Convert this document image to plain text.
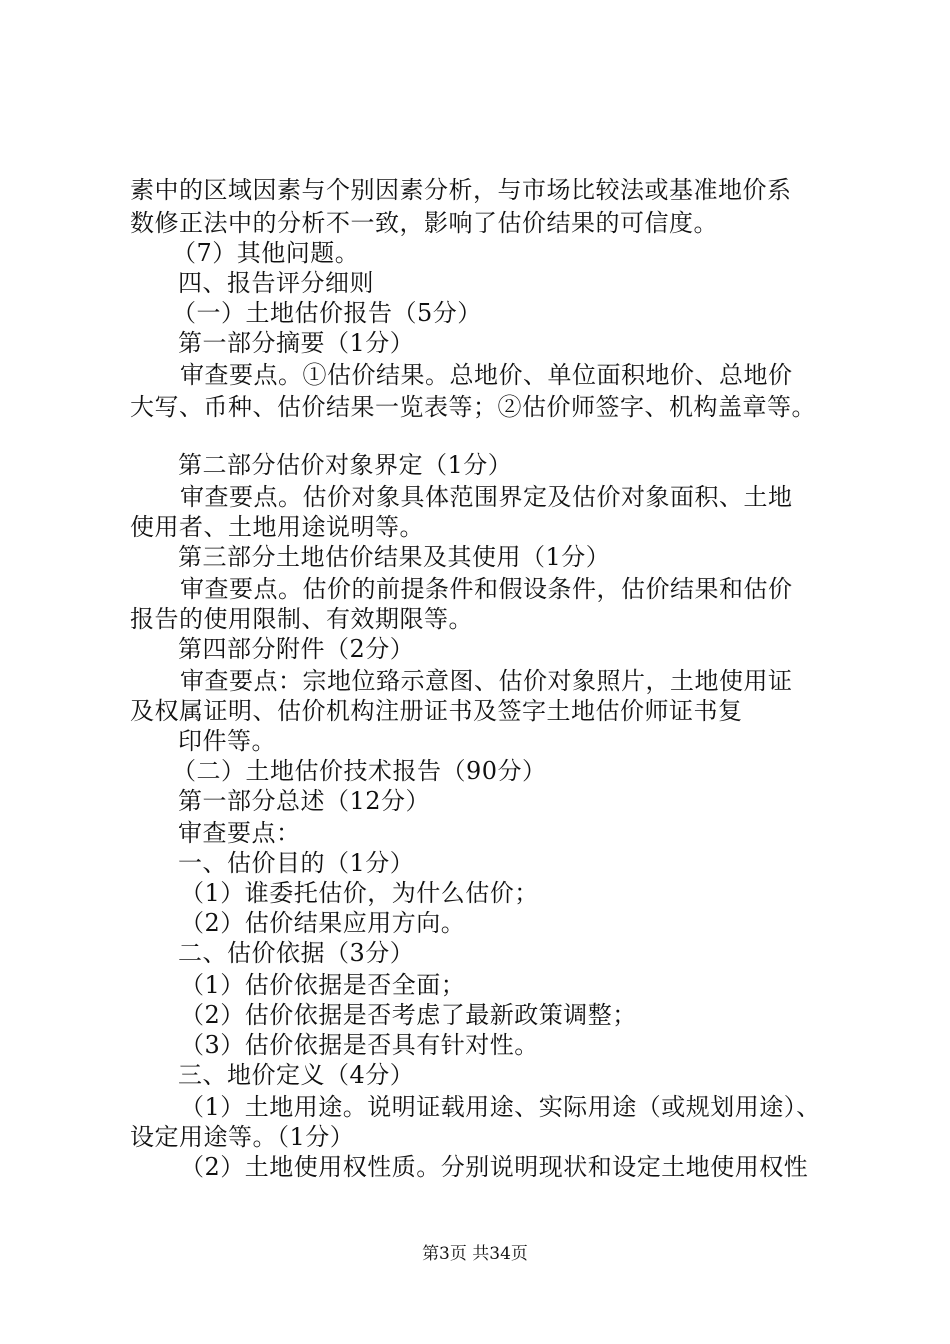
素中的区域因素与个别因素分析，与市场比较法或基准地价系
数修正法中的分析不一致，影响了估价结果的可信度。
（7）其他问题。
四、报告评分细则
（一）土地估价报告（5分）
第一部分摘要（1分）
审查要点。①估价结果。总地价、单位面积地价、总地价
大写、币种、估价结果一览表等；②估价师签字、机构盖章等。
第二部分估价对象界定（1分）
审查要点。估价对象具体范围界定及估价对象面积、土地
使用者、土地用途说明等。
第三部分土地估价结果及其使用（1分）
审查要点。估价的前提条件和假设条件，估价结果和估价
报告的使用限制、有效期限等。
第四部分附件（2分）
审查要点：宗地位臵示意图、估价对象照片，土地使用证
及权属证明、估价机构注册证书及签字土地估价师证书复
印件等。
（二）土地估价技术报告（90分）
第一部分总述（12分）
审查要点：
一、估价目的（1分）
（1）谁委托估价，为什么估价；
（2）估价结果应用方向。
二、估价依据（3分）
（1）估价依据是否全面；
（2）估价依据是否考虑了最新政策调整；
（3）估价依据是否具有针对性。
三、地价定义（4分）
（1）土地用途。说明证载用途、实际用途（或规划用途）、
设定用途等。（1分）
（2）土地使用权性质。分别说明现状和设定土地使用权性
第3页 共34页
